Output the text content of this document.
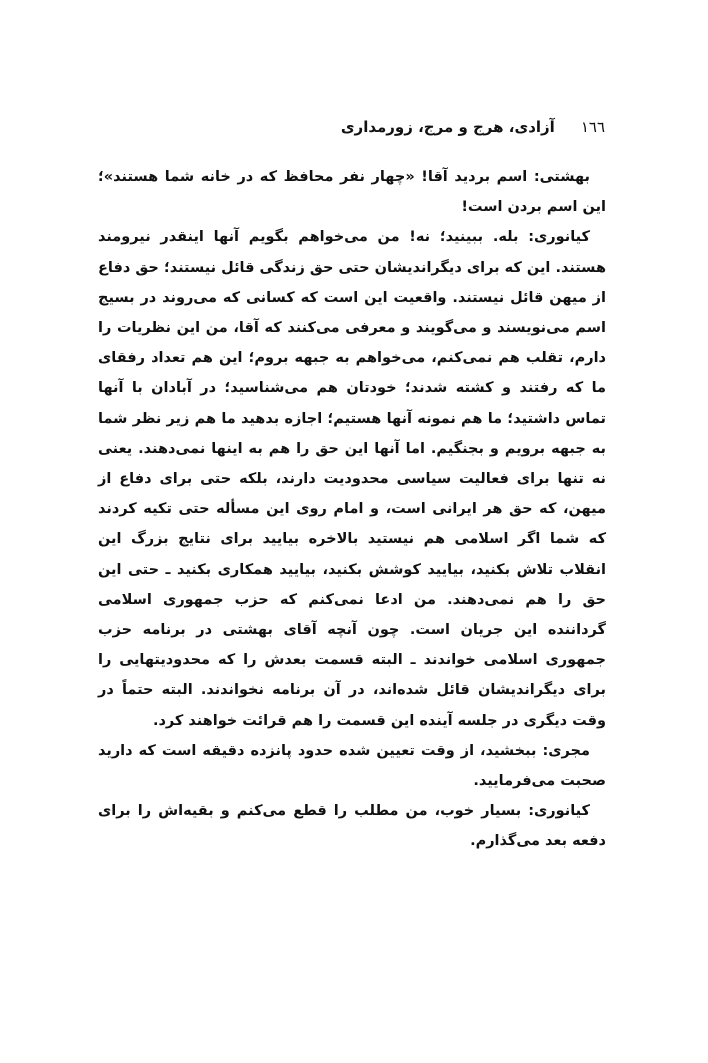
١٦٦
آزادی، هرج و مرج، زورمداری

بهشتی: اسم بردید آقا! «چهار نفر محافظ که در خانه شما هستند»؛ این اسم بردن است!

کیانوری: بله. ببینید؛ نه! من می‌خواهم بگویم آنها اینقدر نیرومند هستند. این که برای دیگراندیشان حتی حق زندگی قائل نیستند؛ حق دفاع از میهن قائل نیستند. واقعیت این است که کسانی که می‌روند در بسیج اسم می‌نویسند و می‌گویند و معرفی می‌کنند که آقا، من این نظریات را دارم، تقلب هم نمی‌کنم، می‌خواهم به جبهه بروم؛ این هم تعداد رفقای ما که رفتند و کشته شدند؛ خودتان هم می‌شناسید؛ در آبادان با آنها تماس داشتید؛ ما هم نمونه آنها هستیم؛ اجازه بدهید ما هم زیر نظر شما به جبهه برویم و بجنگیم. اما آنها این حق را هم به اینها نمی‌دهند. یعنی نه تنها برای فعالیت سیاسی محدودیت دارند، بلکه حتی برای دفاع از میهن، که حق هر ایرانی است، و امام روی این مسأله حتی تکیه کردند که شما اگر اسلامی هم نیستید بالاخره بیایید برای نتایج بزرگ این انقلاب تلاش بکنید، بیایید کوشش بکنید، بیایید همکاری بکنید ـ حتی این حق را هم نمی‌دهند. من ادعا نمی‌کنم که حزب جمهوری اسلامی گرداننده این جریان است. چون آنچه آقای بهشتی در برنامه حزب جمهوری اسلامی خواندند ـ البته قسمت بعدش را که محدودیتهایی را برای دیگراندیشان قائل شده‌اند، در آن برنامه نخواندند. البته حتماً در وقت دیگری در جلسه آینده این قسمت را هم قرائت خواهند کرد.

مجری: ببخشید، از وقت تعیین شده حدود پانزده دقیقه است که دارید صحبت می‌فرمایید.

کیانوری: بسیار خوب، من مطلب را قطع می‌کنم و بقیه‌اش را برای دفعه بعد می‌گذارم.
